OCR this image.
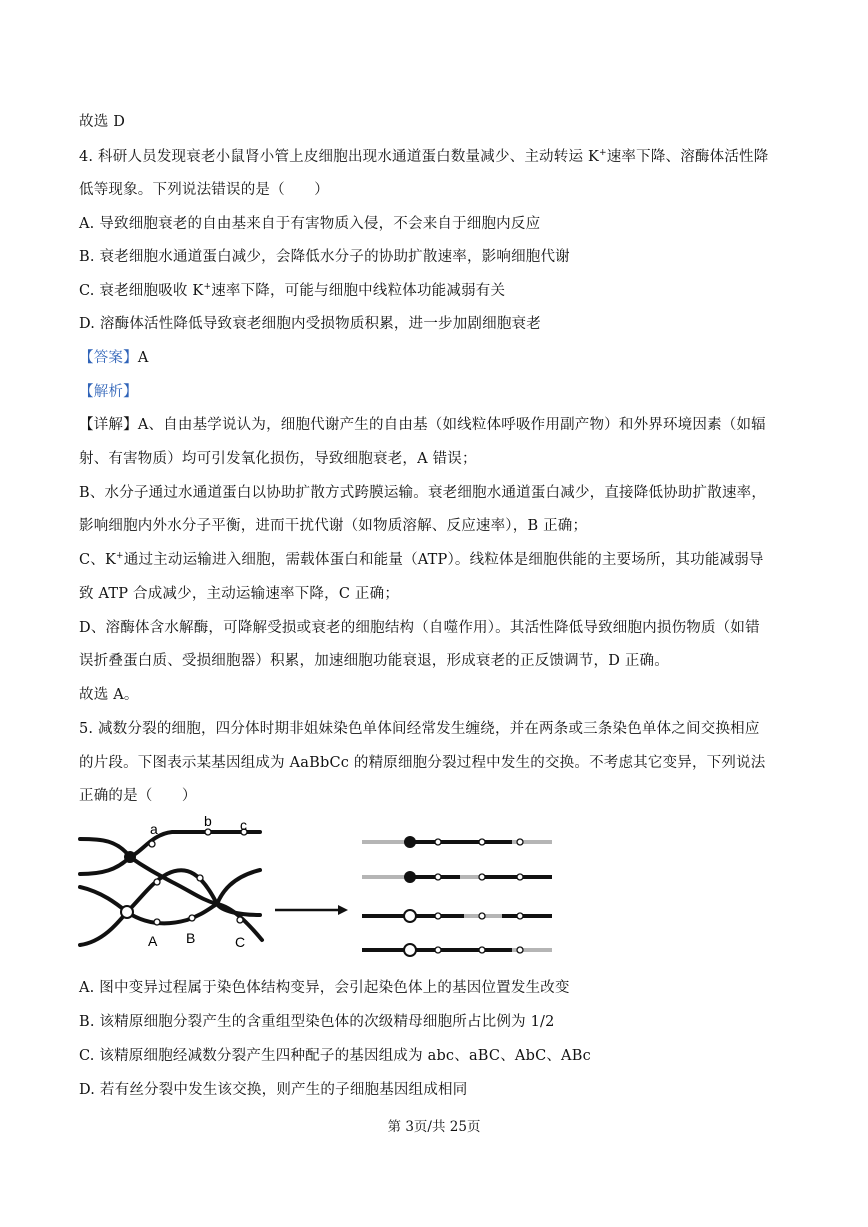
故选 D
4. 科研人员发现衰老小鼠肾小管上皮细胞出现水通道蛋白数量减少、主动转运 K+速率下降、溶酶体活性降
低等现象。下列说法错误的是（　　）
A. 导致细胞衰老的自由基来自于有害物质入侵，不会来自于细胞内反应
B. 衰老细胞水通道蛋白减少，会降低水分子的协助扩散速率，影响细胞代谢
C. 衰老细胞吸收 K+速率下降，可能与细胞中线粒体功能减弱有关
D. 溶酶体活性降低导致衰老细胞内受损物质积累，进一步加剧细胞衰老
【答案】A
【解析】
【详解】A、自由基学说认为，细胞代谢产生的自由基（如线粒体呼吸作用副产物）和外界环境因素（如辐
射、有害物质）均可引发氧化损伤，导致细胞衰老，A 错误；
B、水分子通过水通道蛋白以协助扩散方式跨膜运输。衰老细胞水通道蛋白减少，直接降低协助扩散速率，
影响细胞内外水分子平衡，进而干扰代谢（如物质溶解、反应速率），B 正确；
C、K+通过主动运输进入细胞，需载体蛋白和能量（ATP）。线粒体是细胞供能的主要场所，其功能减弱导
致 ATP 合成减少，主动运输速率下降，C 正确；
D、溶酶体含水解酶，可降解受损或衰老的细胞结构（自噬作用）。其活性降低导致细胞内损伤物质（如错
误折叠蛋白质、受损细胞器）积累，加速细胞功能衰退，形成衰老的正反馈调节，D 正确。
故选 A。
5. 减数分裂的细胞，四分体时期非姐妹染色单体间经常发生缠绕，并在两条或三条染色单体之间交换相应
的片段。下图表示某基因组成为 AaBbCc 的精原细胞分裂过程中发生的交换。不考虑其它变异，下列说法
正确的是（　　）
a	b c
A B	C
A. 图中变异过程属于染色体结构变异，会引起染色体上的基因位置发生改变
B. 该精原细胞分裂产生的含重组型染色体的次级精母细胞所占比例为 1/2
C. 该精原细胞经减数分裂产生四种配子的基因组成为 abc、aBC、AbC、ABc
D. 若有丝分裂中发生该交换，则产生的子细胞基因组成相同
第 3页/共 25页
